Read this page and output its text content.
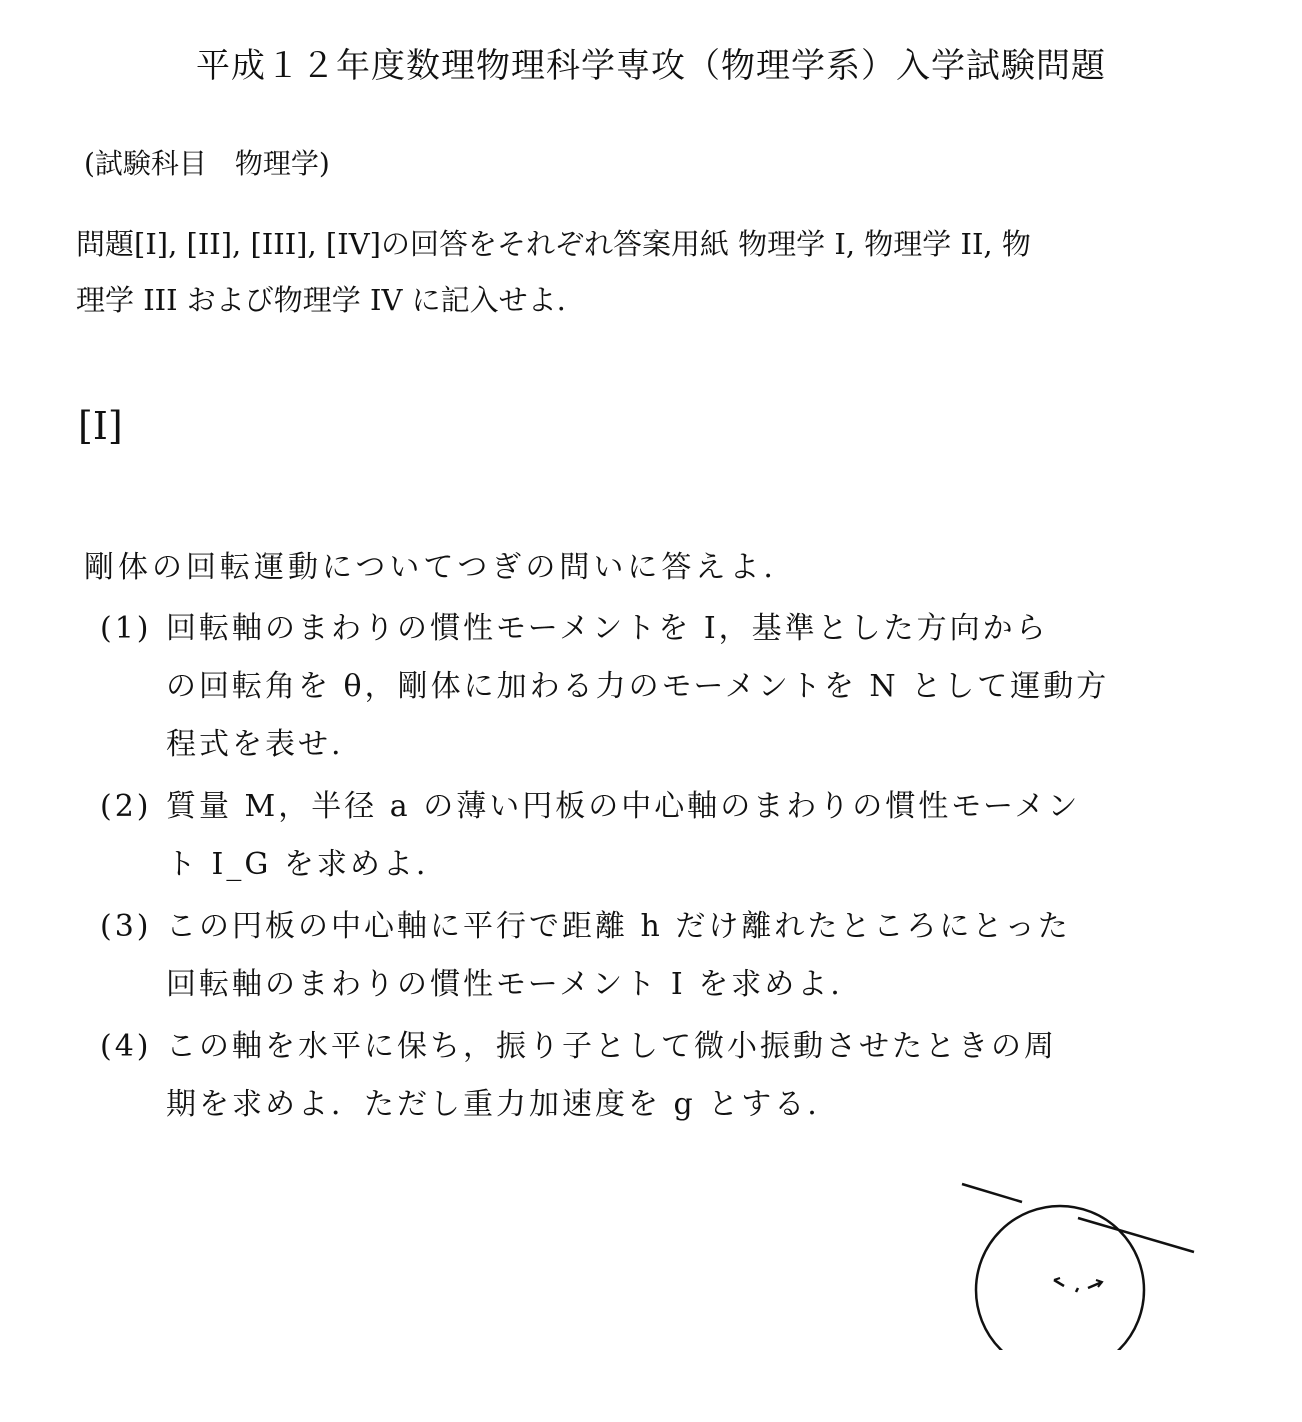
平成１２年度数理物理科学専攻（物理学系）入学試験問題
(試験科目　物理学)

問題[I], [II], [III], [IV]の回答をそれぞれ答案用紙 物理学 I, 物理学 II, 物

理学 III および物理学 IV に記入せよ.

[I]
剛体の回転運動についてつぎの問いに答えよ.
(1) 回転軸のまわりの慣性モーメントを I，基準とした方向から
の回転角を θ，剛体に加わる力のモーメントを N として運動方
程式を表せ.
(2) 質量 M，半径 a の薄い円板の中心軸のまわりの慣性モーメン
ト I_G を求めよ.
(3) この円板の中心軸に平行で距離 h だけ離れたところにとった
回転軸のまわりの慣性モーメント I を求めよ.
(4) この軸を水平に保ち，振り子として微小振動させたときの周
期を求めよ．ただし重力加速度を g とする.
